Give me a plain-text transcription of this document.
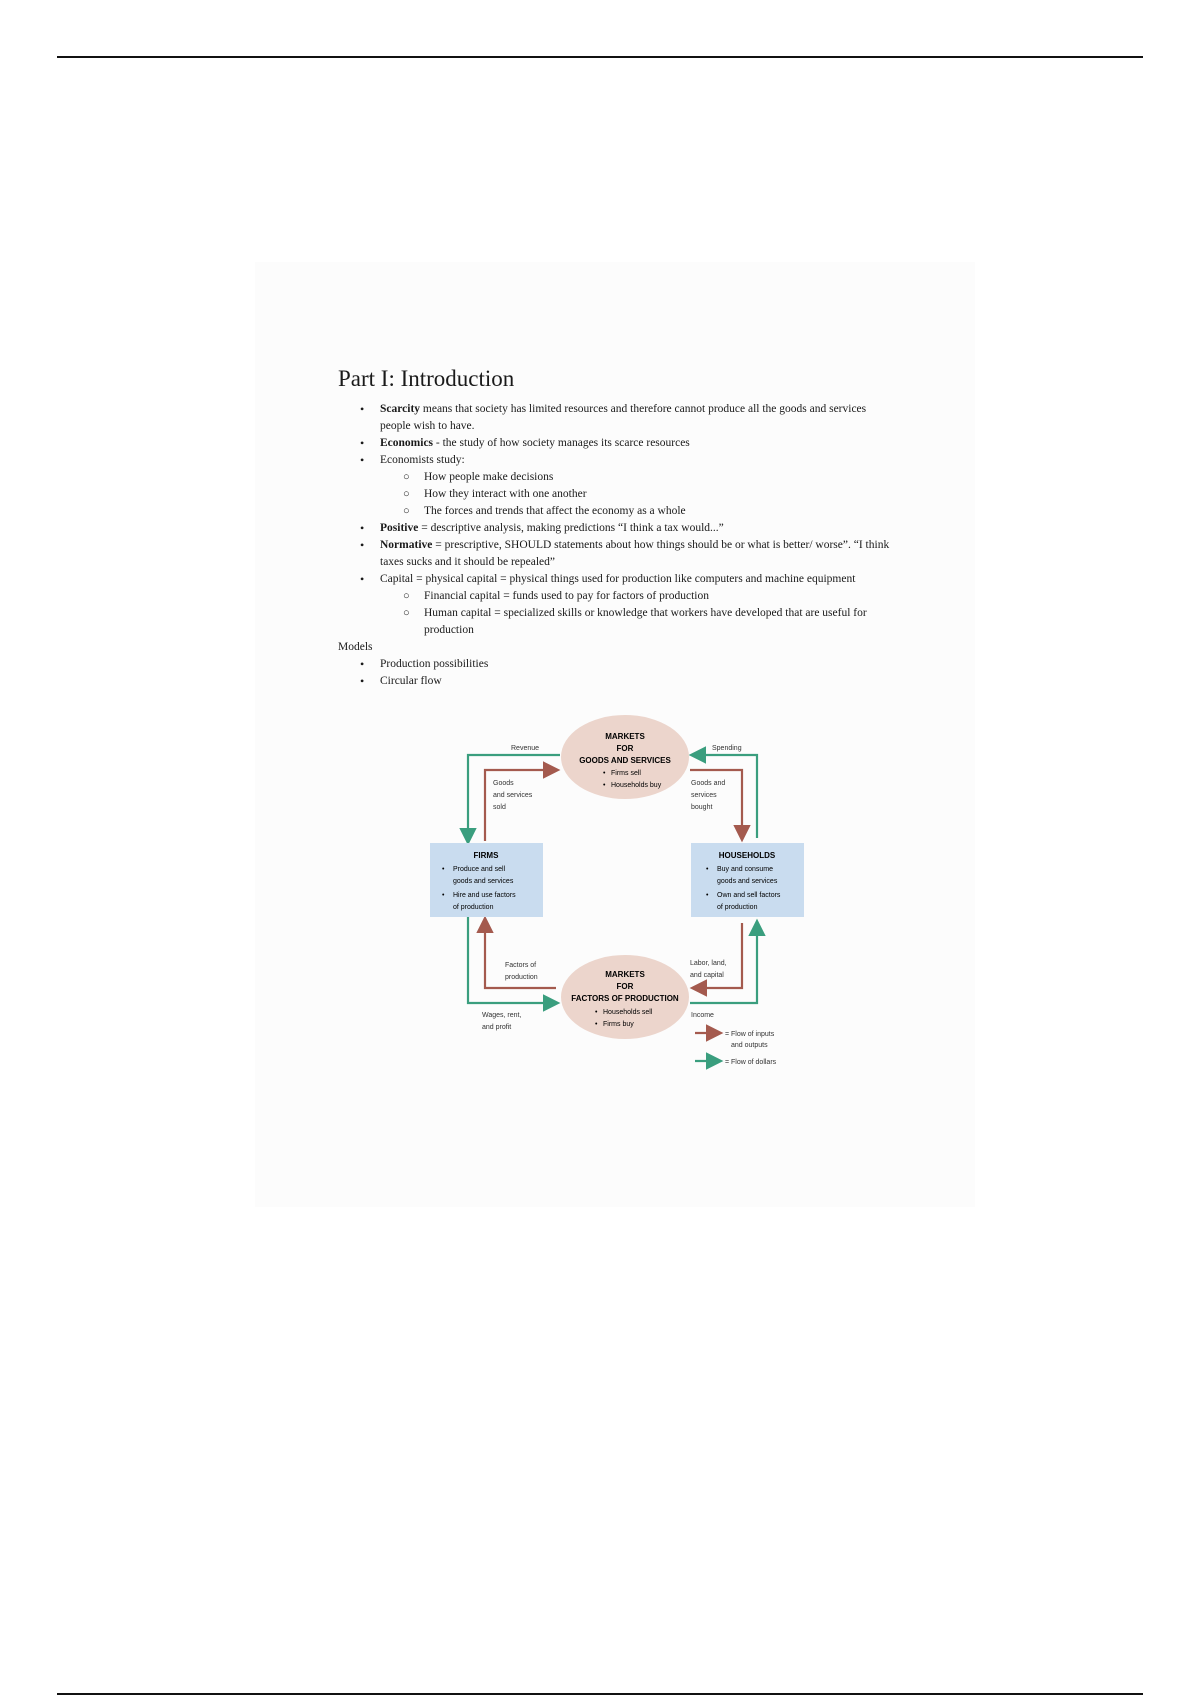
Part I: Introduction
• Scarcity means that society has limited resources and therefore cannot produce all the goods and services people wish to have.
• Economics - the study of how society manages its scarce resources
• Economists study:
○ How people make decisions
○ How they interact with one another
○ The forces and trends that affect the economy as a whole
• Positive = descriptive analysis, making predictions “I think a tax would...”
• Normative = prescriptive, SHOULD statements about how things should be or what is better/ worse”. “I think taxes sucks and it should be repealed”
• Capital = physical capital = physical things used for production like computers and machine equipment
○ Financial capital = funds used to pay for factors of production
○ Human capital = specialized skills or knowledge that workers have developed that are useful for production

Models

• Production possibilities
• Circular flow
MARKETS
FOR
GOODS AND SERVICES
• Firms sell
• Households buy
MARKETS
FOR
FACTORS OF PRODUCTION
• Households sell
• Firms buy
FIRMS
• Produce and sell
goods and services
• Hire and use factors
of production
HOUSEHOLDS
• Buy and consume
goods and services
• Own and sell factors
of production
Revenue	Spending
Goods
and services
sold
Goods and
services
bought
Factors of
production
Labor, land,
and capital
Wages, rent,
and profit
Income
= Flow of inputs
and outputs
= Flow of dollars
